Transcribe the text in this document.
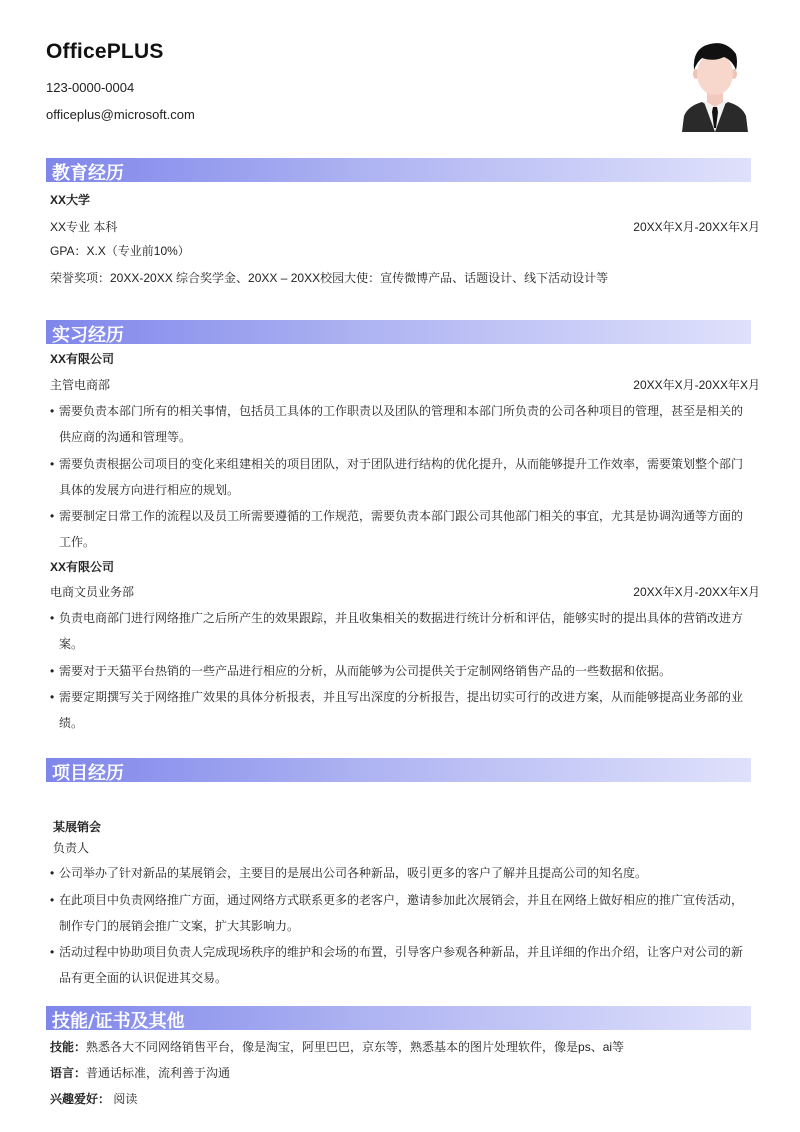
OfficePLUS
123-0000-0004
officeplus@microsoft.com
教育经历
XX大学
XX专业 本科	20XX年X月-20XX年X月
GPA：X.X（专业前10%）
荣誉奖项：20XX-20XX 综合奖学金、20XX – 20XX校园大使：宣传微博产品、话题设计、线下活动设计等
实习经历
XX有限公司
主管电商部	20XX年X月-20XX年X月
• 需要负责本部门所有的相关事情，包括员工具体的工作职责以及团队的管理和本部门所负责的公司各种项目的管理，甚至是相关的供应商的沟通和管理等。
• 需要负责根据公司项目的变化来组建相关的项目团队，对于团队进行结构的优化提升，从而能够提升工作效率，需要策划整个部门具体的发展方向进行相应的规划。
• 需要制定日常工作的流程以及员工所需要遵循的工作规范，需要负责本部门跟公司其他部门相关的事宜，尤其是协调沟通等方面的工作。
XX有限公司
电商文员业务部	20XX年X月-20XX年X月
• 负责电商部门进行网络推广之后所产生的效果跟踪，并且收集相关的数据进行统计分析和评估，能够实时的提出具体的营销改进方案。
• 需要对于天猫平台热销的一些产品进行相应的分析，从而能够为公司提供关于定制网络销售产品的一些数据和依据。
• 需要定期撰写关于网络推广效果的具体分析报表，并且写出深度的分析报告，提出切实可行的改进方案，从而能够提高业务部的业绩。
项目经历
某展销会
负责人
• 公司举办了针对新品的某展销会，主要目的是展出公司各种新品，吸引更多的客户了解并且提高公司的知名度。
• 在此项目中负责网络推广方面，通过网络方式联系更多的老客户，邀请参加此次展销会，并且在网络上做好相应的推广宣传活动，制作专门的展销会推广文案，扩大其影响力。
• 活动过程中协助项目负责人完成现场秩序的维护和会场的布置，引导客户参观各种新品，并且详细的作出介绍，让客户对公司的新品有更全面的认识促进其交易。
技能/证书及其他
技能：熟悉各大不同网络销售平台，像是淘宝，阿里巴巴，京东等，熟悉基本的图片处理软件，像是ps、ai等
语言：普通话标准，流利善于沟通
兴趣爱好： 阅读
